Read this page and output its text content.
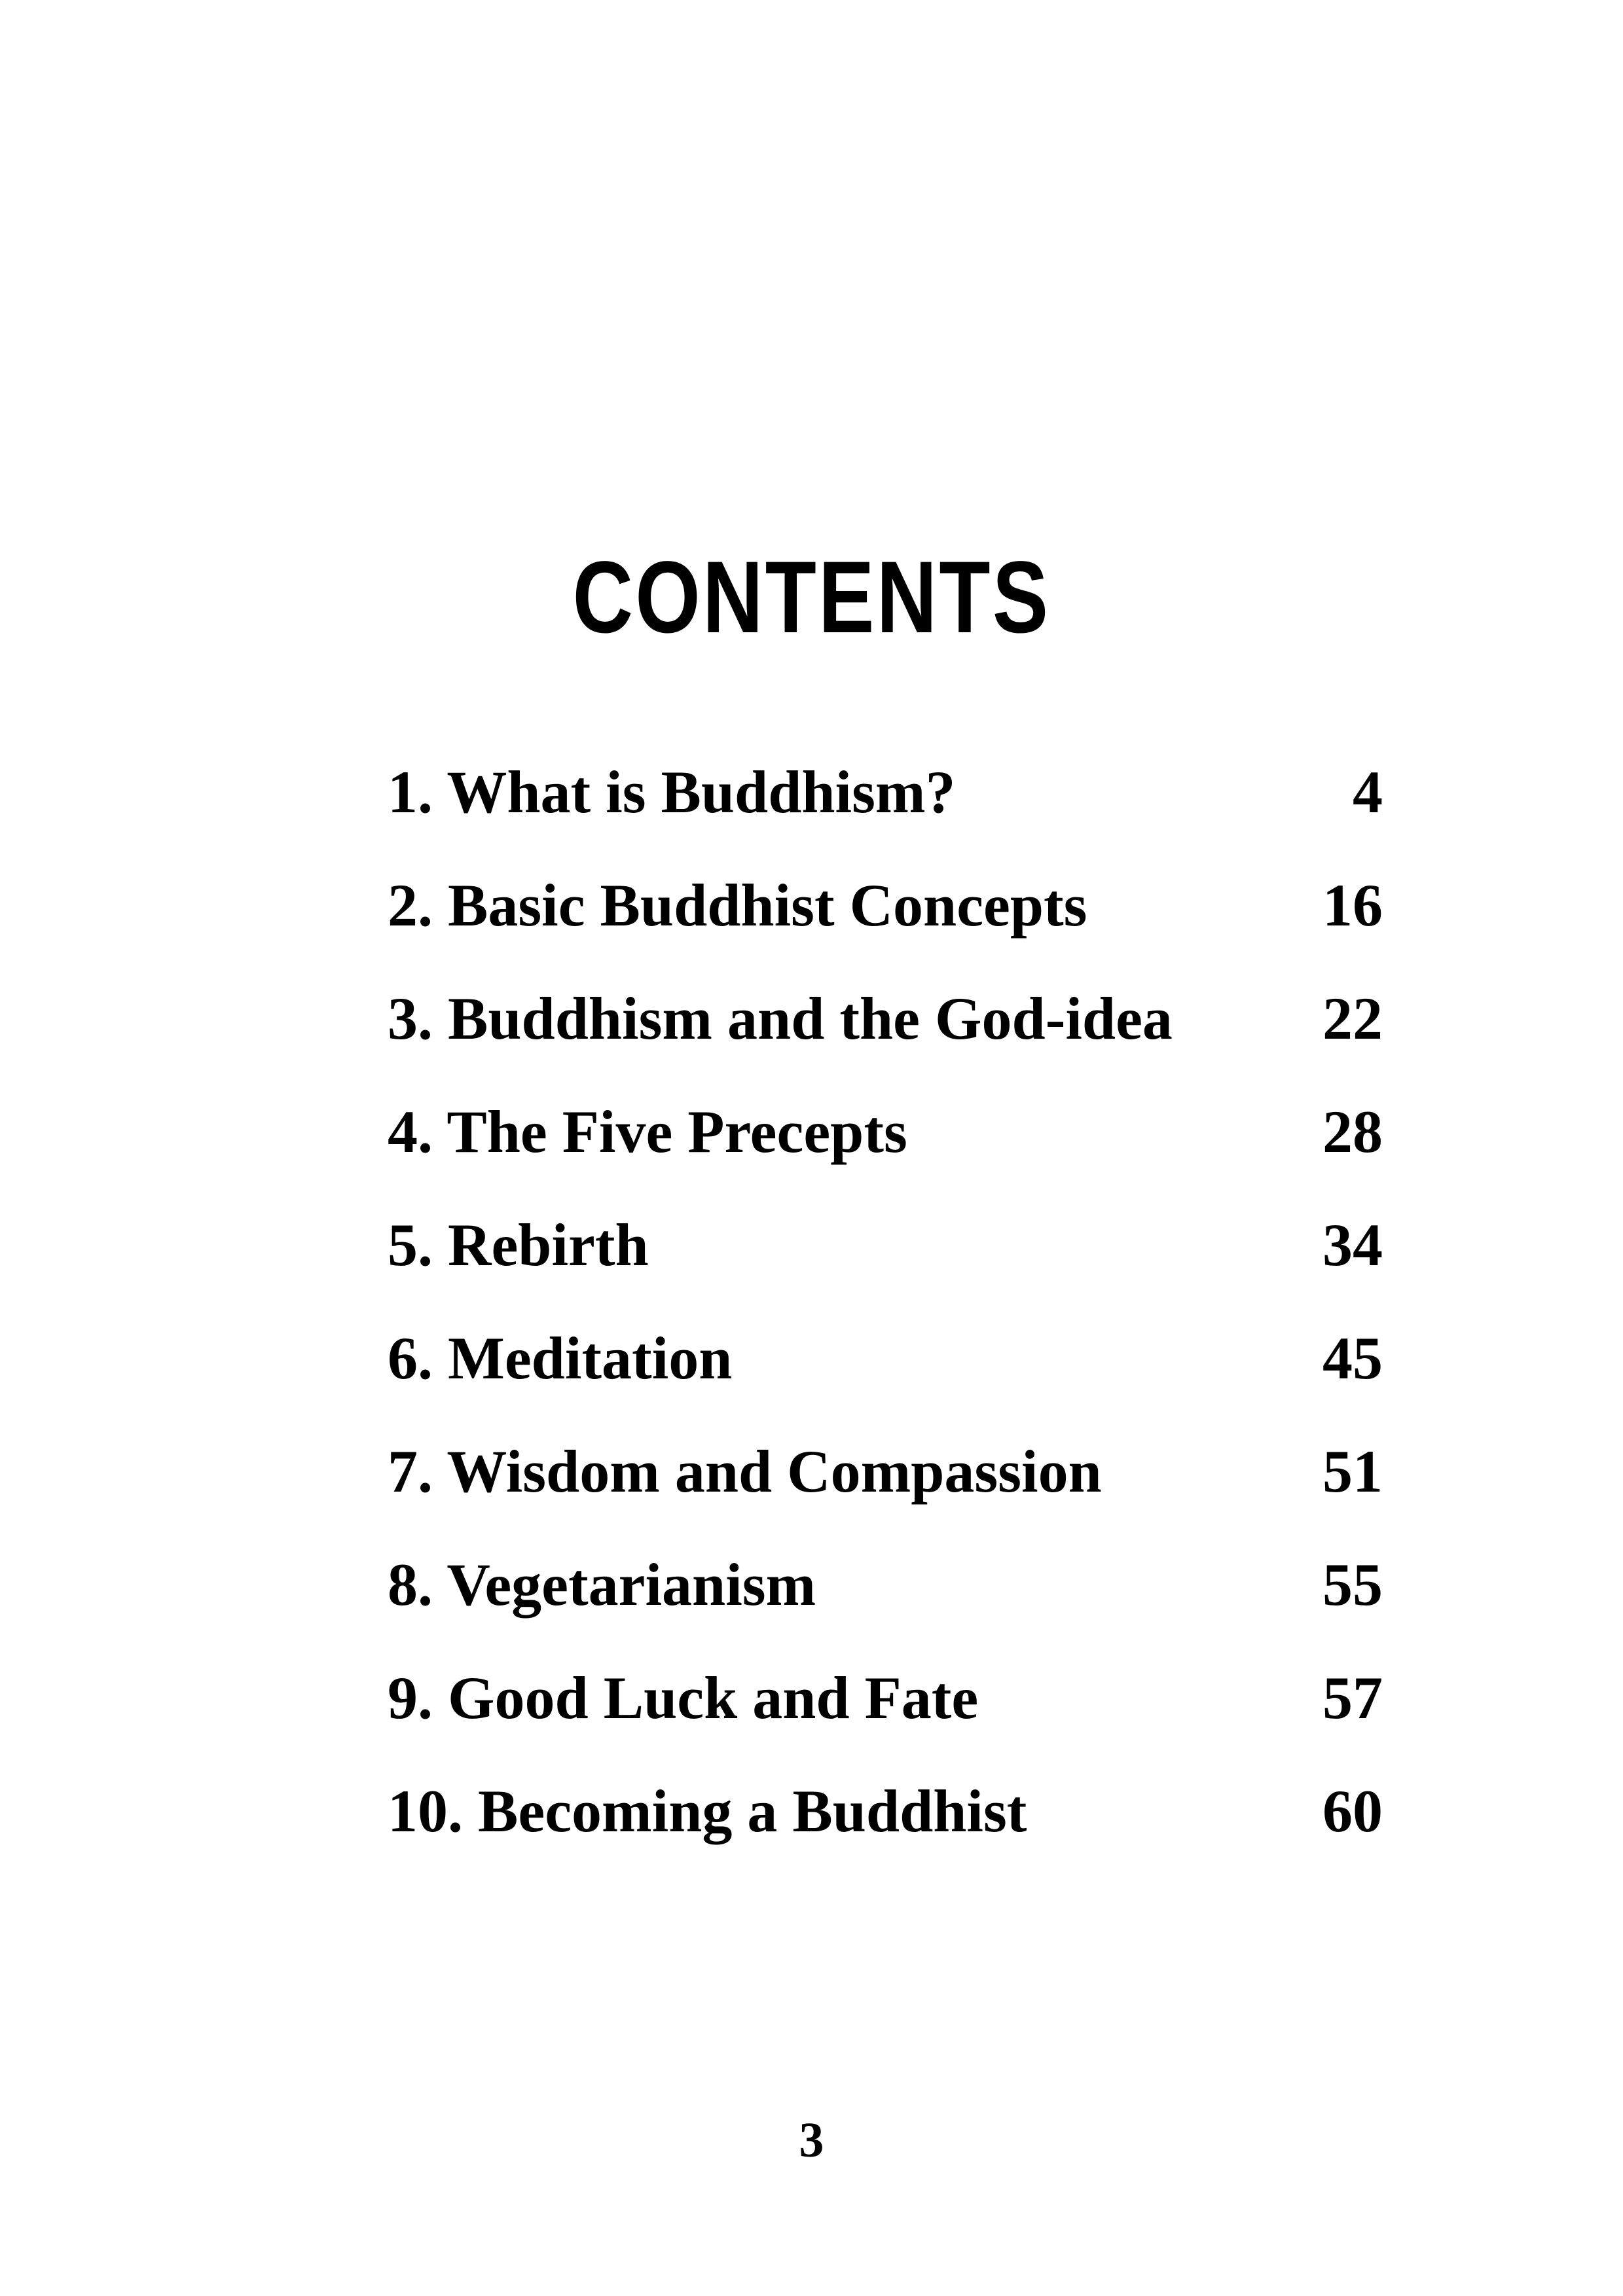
CONTENTS
1. What is Buddhism?	4
2. Basic Buddhist Concepts	16
3. Buddhism and the God-idea 22
4. The Five Precepts	28
5. Rebirth	34
6. Meditation	45
7. Wisdom and Compassion	51
8. Vegetarianism	55
9. Good Luck and Fate	57
10. Becoming a Buddhist	60
3
